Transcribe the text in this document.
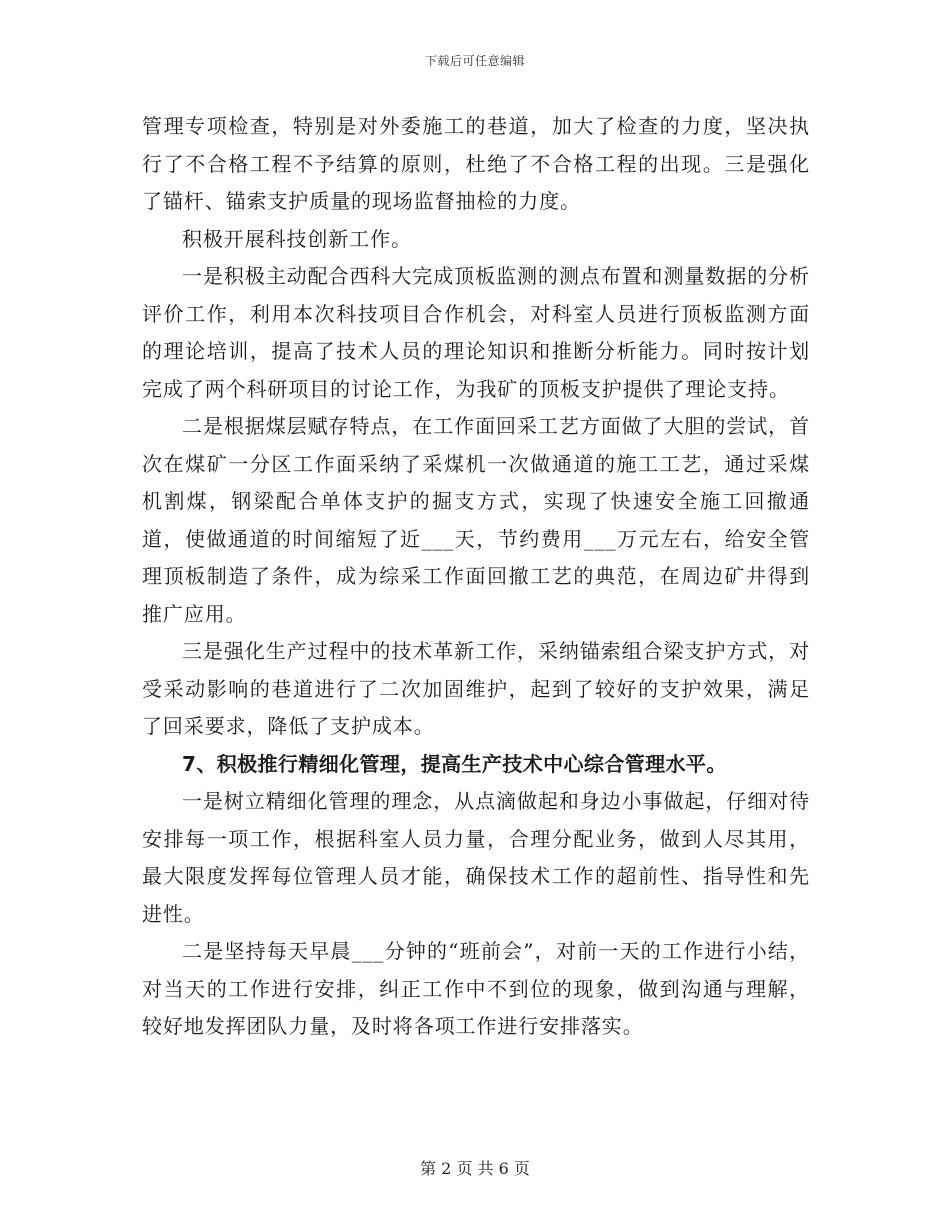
下载后可任意编辑

管理专项检查，特别是对外委施工的巷道，加大了检查的力度，坚决执行了不合格工程不予结算的原则，杜绝了不合格工程的出现。三是强化了锚杆、锚索支护质量的现场监督抽检的力度。

积极开展科技创新工作。

一是积极主动配合西科大完成顶板监测的测点布置和测量数据的分析评价工作，利用本次科技项目合作机会，对科室人员进行顶板监测方面的理论培训，提高了技术人员的理论知识和推断分析能力。同时按计划完成了两个科研项目的讨论工作，为我矿的顶板支护提供了理论支持。

二是根据煤层赋存特点，在工作面回采工艺方面做了大胆的尝试，首次在煤矿一分区工作面采纳了采煤机一次做通道的施工工艺，通过采煤机割煤，钢梁配合单体支护的掘支方式，实现了快速安全施工回撤通道，使做通道的时间缩短了近___天，节约费用___万元左右，给安全管理顶板制造了条件，成为综采工作面回撤工艺的典范，在周边矿井得到推广应用。

三是强化生产过程中的技术革新工作，采纳锚索组合梁支护方式，对受采动影响的巷道进行了二次加固维护，起到了较好的支护效果，满足了回采要求，降低了支护成本。

7、积极推行精细化管理，提高生产技术中心综合管理水平。

一是树立精细化管理的理念，从点滴做起和身边小事做起，仔细对待安排每一项工作，根据科室人员力量，合理分配业务，做到人尽其用，最大限度发挥每位管理人员才能，确保技术工作的超前性、指导性和先进性。

二是坚持每天早晨___分钟的“班前会”，对前一天的工作进行小结，对当天的工作进行安排，纠正工作中不到位的现象，做到沟通与理解，较好地发挥团队力量，及时将各项工作进行安排落实。

第 2 页 共 6 页
